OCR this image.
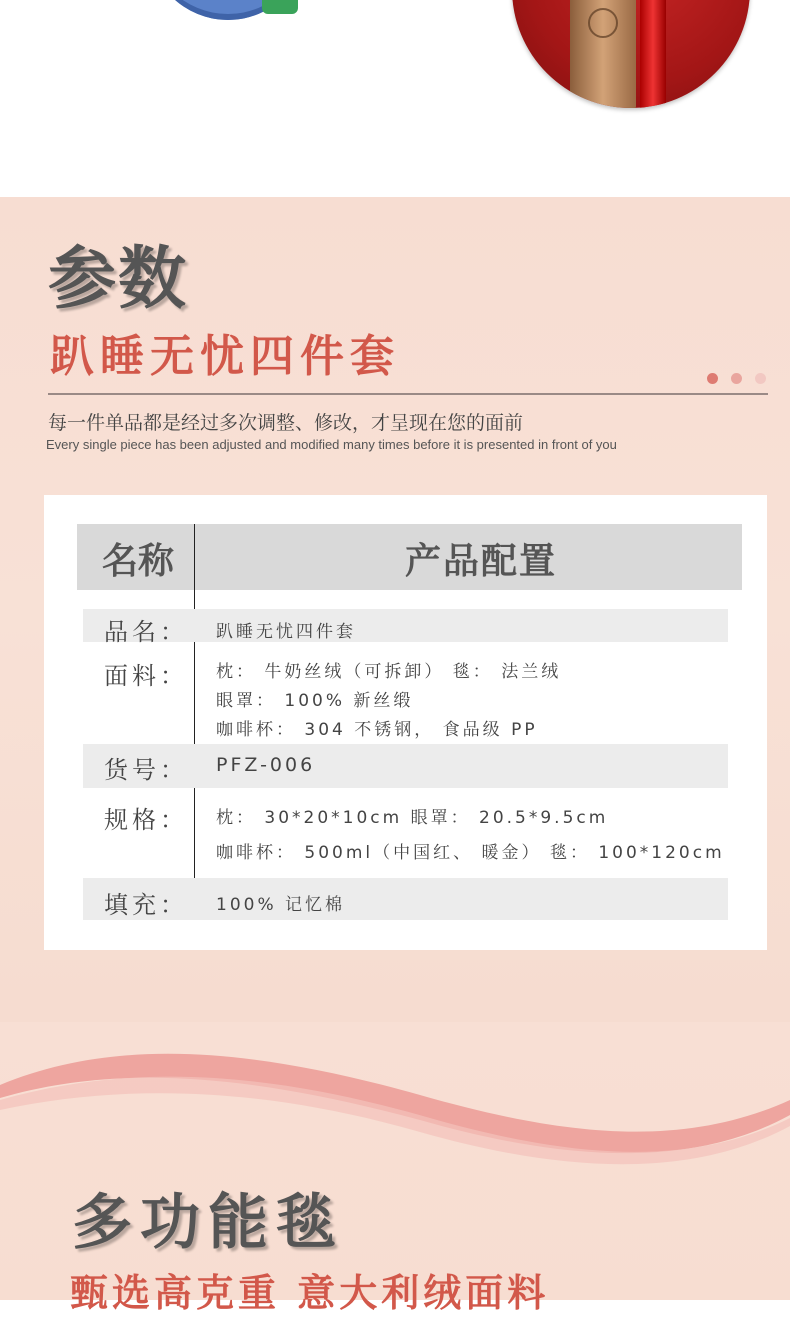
参数
趴睡无忧四件套
每一件单品都是经过多次调整、修改，才呈现在您的面前
Every single piece has been adjusted and modified many times before it is presented in front of you
名称	产品配置
品名： 趴睡无忧四件套
面料： 枕： 牛奶丝绒（可拆卸） 毯： 法兰绒
眼罩： 100% 新丝缎
咖啡杯： 304 不锈钢， 食品级 PP
货号： PFZ-006
规格： 枕： 30*20*10cm 眼罩： 20.5*9.5cm
咖啡杯： 500ml（中国红、 暖金） 毯： 100*120cm
填充： 100% 记忆棉
多功能毯
甄选高克重 意大利绒面料
